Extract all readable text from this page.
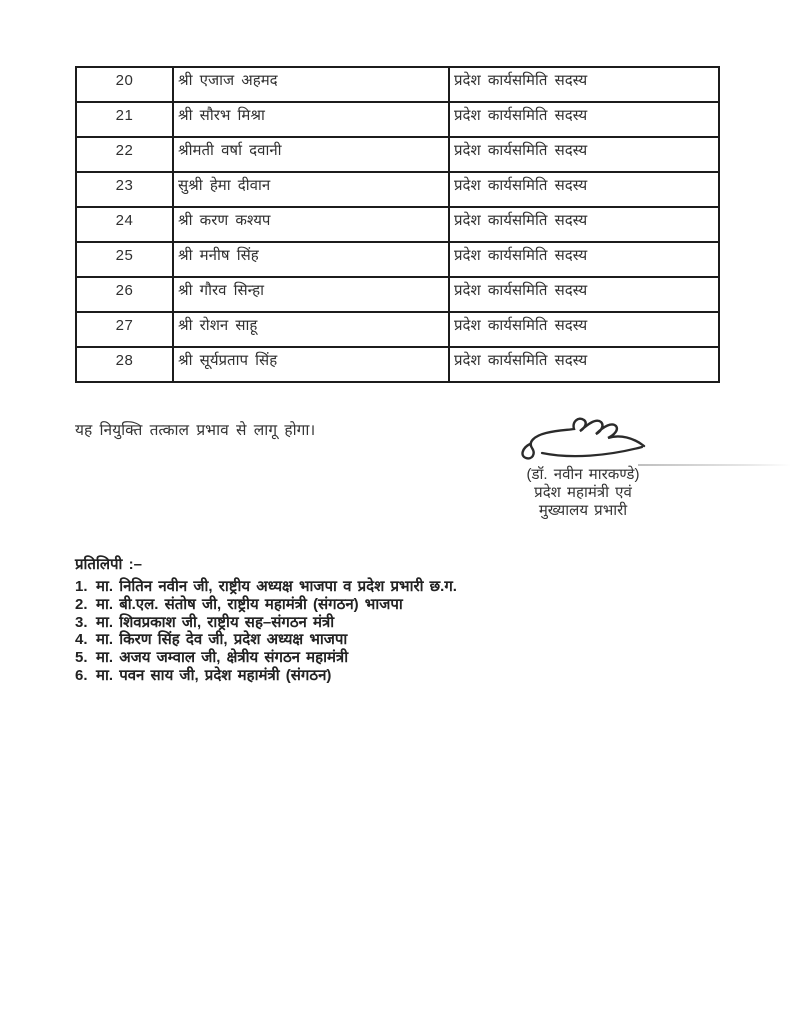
20	श्री एजाज अहमद	प्रदेश कार्यसमिति सदस्य
21	श्री सौरभ मिश्रा	प्रदेश कार्यसमिति सदस्य
22	श्रीमती वर्षा दवानी	प्रदेश कार्यसमिति सदस्य
23	सुश्री हेमा दीवान	प्रदेश कार्यसमिति सदस्य
24	श्री करण कश्यप	प्रदेश कार्यसमिति सदस्य
25	श्री मनीष सिंह	प्रदेश कार्यसमिति सदस्य
26	श्री गौरव सिन्हा	प्रदेश कार्यसमिति सदस्य
27	श्री रोशन साहू	प्रदेश कार्यसमिति सदस्य
28	श्री सूर्यप्रताप सिंह	प्रदेश कार्यसमिति सदस्य
यह नियुक्ति तत्काल प्रभाव से लागू होगा।
(डॉ. नवीन मारकण्डे)
प्रदेश महामंत्री एवं
मुख्यालय प्रभारी
प्रतिलिपी :–
1. मा. नितिन नवीन जी, राष्ट्रीय अध्यक्ष भाजपा व प्रदेश प्रभारी छ.ग.
2. मा. बी.एल. संतोष जी, राष्ट्रीय महामंत्री (संगठन) भाजपा
3. मा. शिवप्रकाश जी, राष्ट्रीय सह–संगठन मंत्री
4. मा. किरण सिंह देव जी, प्रदेश अध्यक्ष भाजपा
5. मा. अजय जम्वाल जी, क्षेत्रीय संगठन महामंत्री
6. मा. पवन साय जी, प्रदेश महामंत्री (संगठन)
